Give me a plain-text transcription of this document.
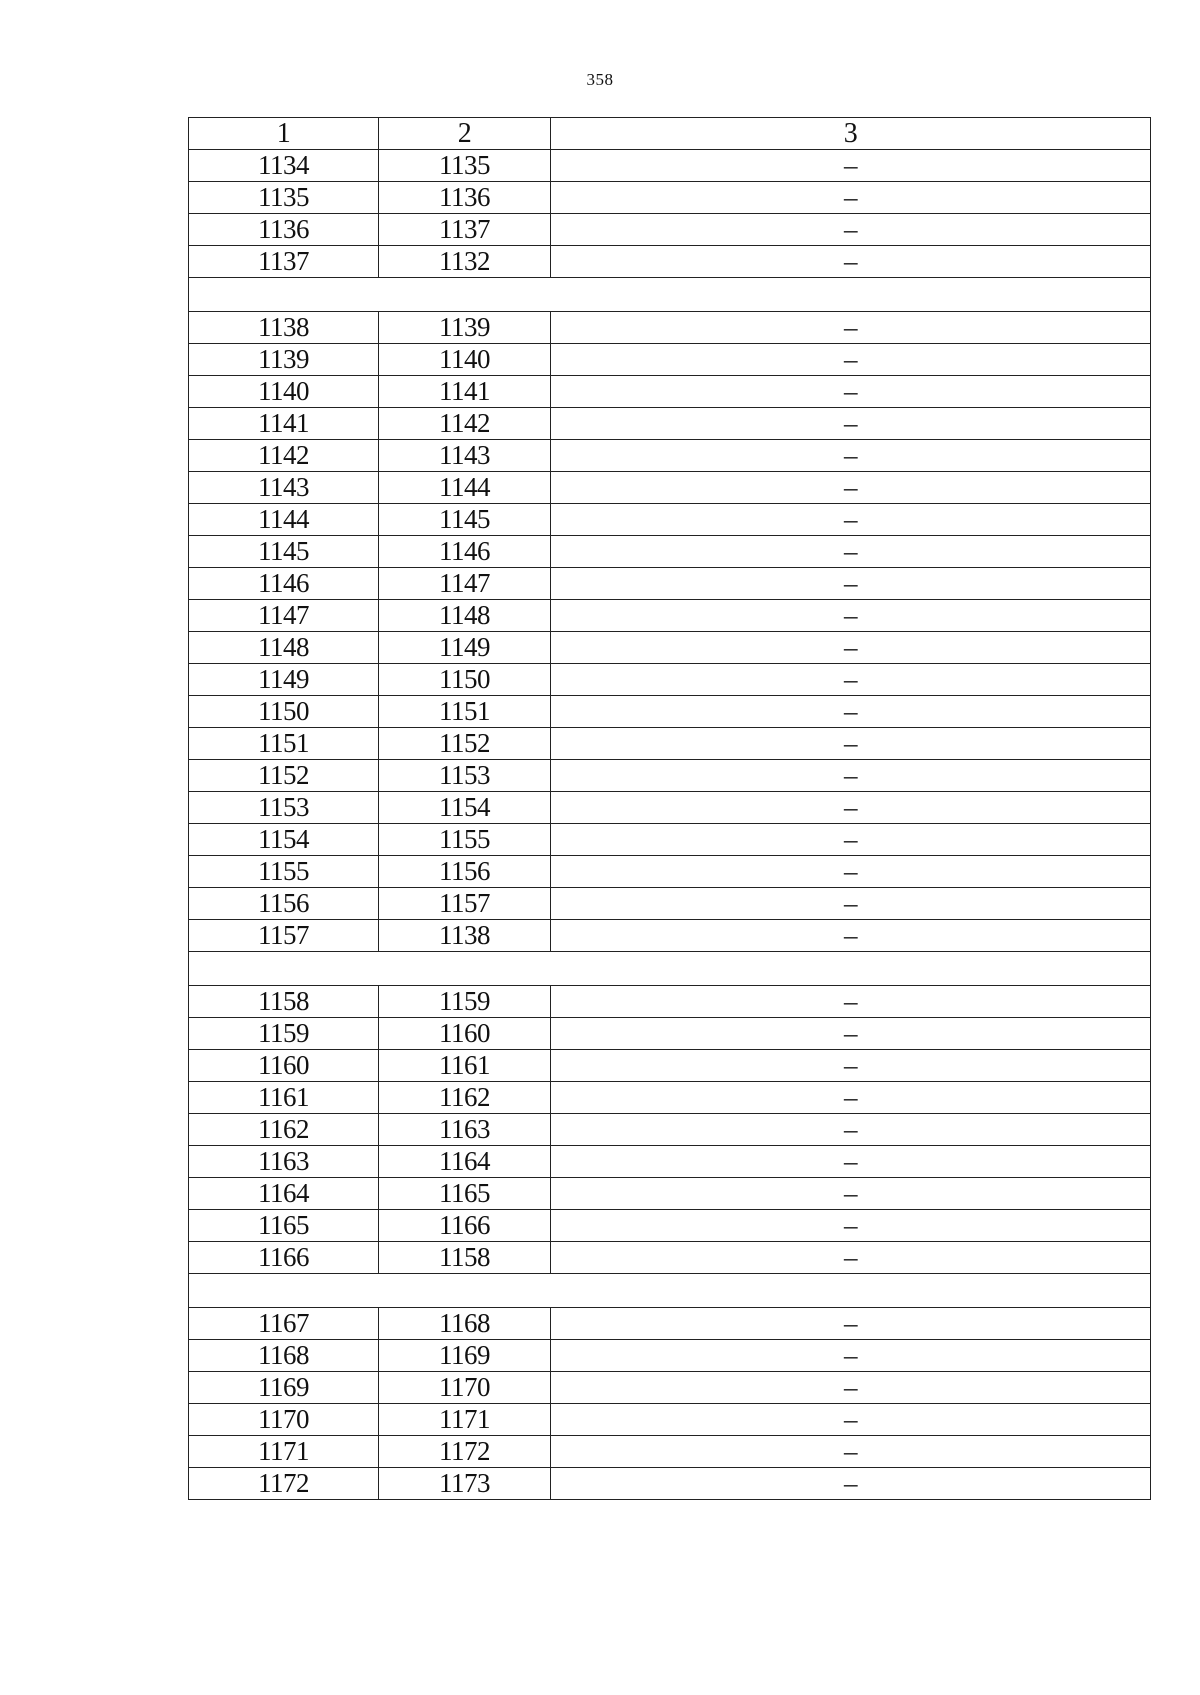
358
1	2	3
1134	1135	–
1135	1136	–
1136	1137	–
1137	1132	–

1138	1139	–
1139	1140	–
1140	1141	–
1141	1142	–
1142	1143	–
1143	1144	–
1144	1145	–
1145	1146	–
1146	1147	–
1147	1148	–
1148	1149	–
1149	1150	–
1150	1151	–
1151	1152	–
1152	1153	–
1153	1154	–
1154	1155	–
1155	1156	–
1156	1157	–
1157	1138	–

1158	1159	–
1159	1160	–
1160	1161	–
1161	1162	–
1162	1163	–
1163	1164	–
1164	1165	–
1165	1166	–
1166	1158	–

1167	1168	–
1168	1169	–
1169	1170	–
1170	1171	–
1171	1172	–
1172	1173	–
